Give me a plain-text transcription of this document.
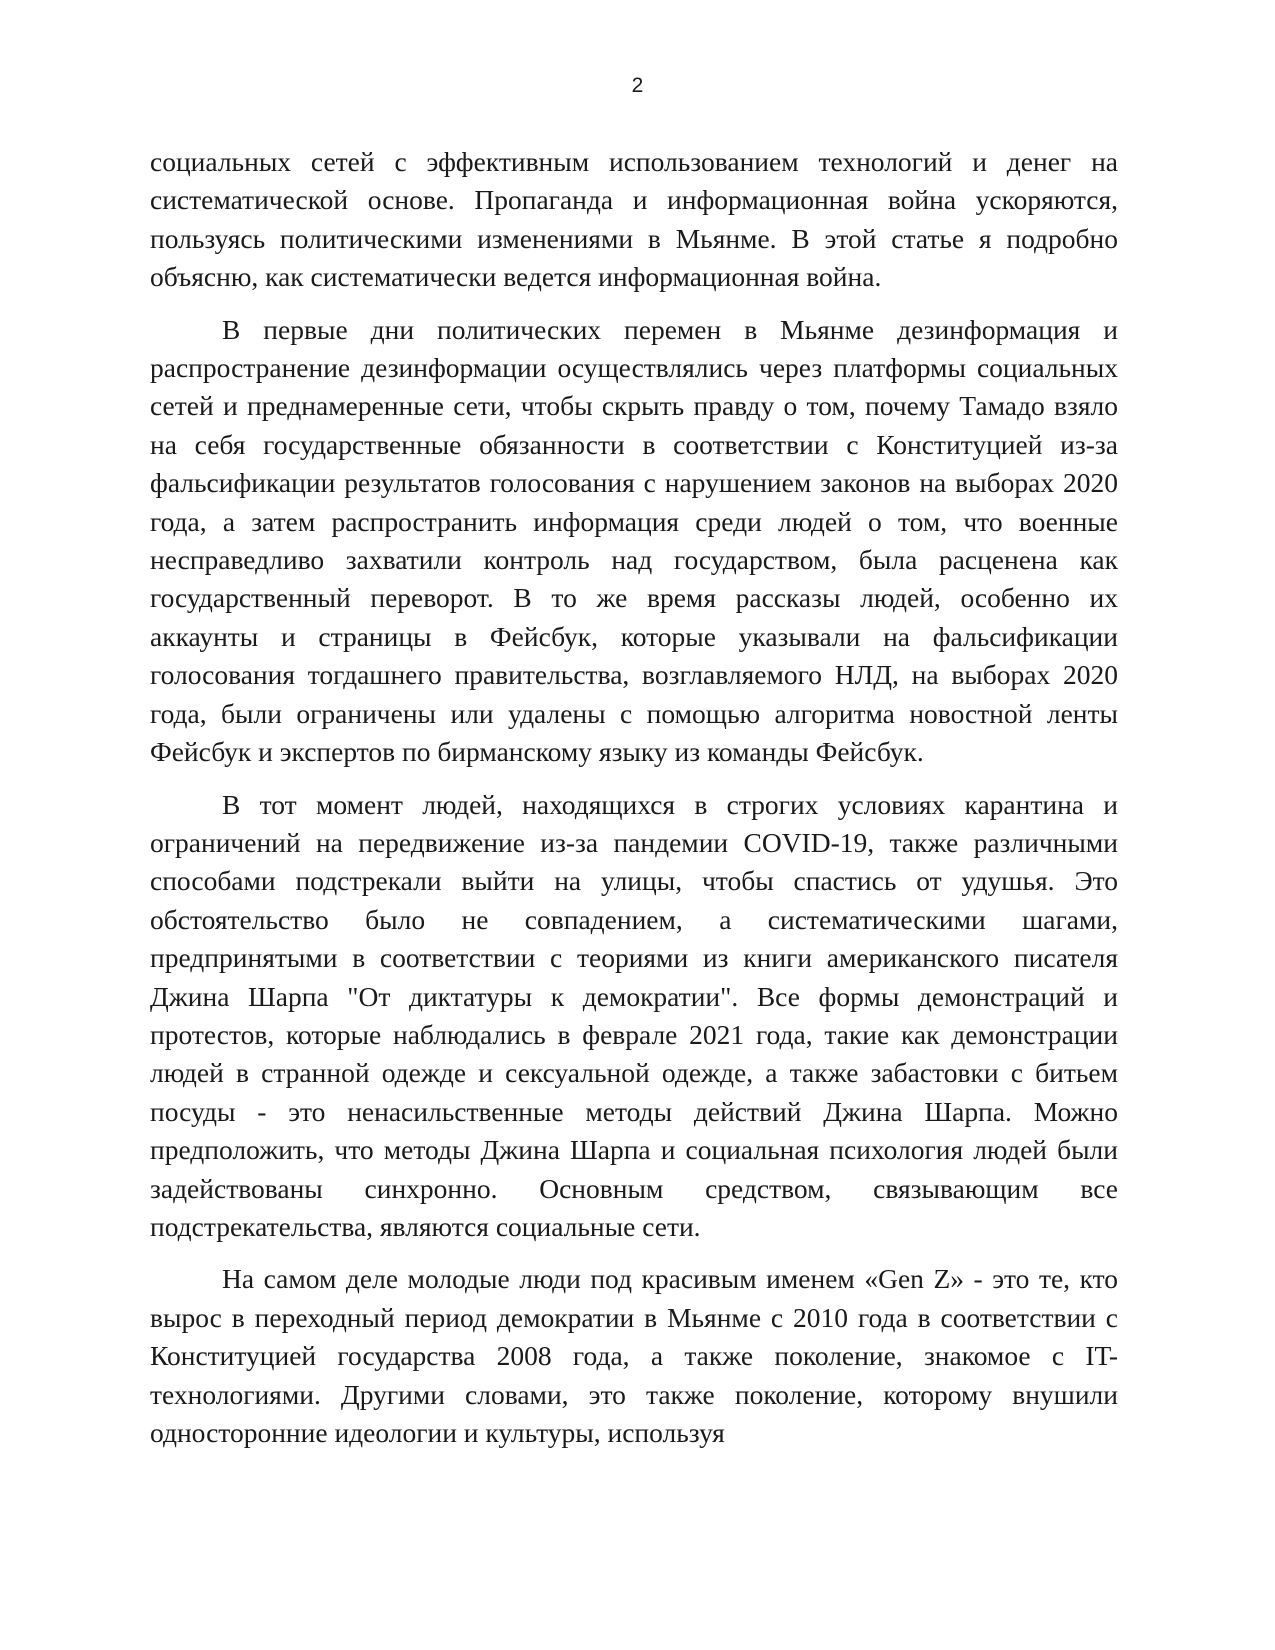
2

социальных сетей с эффективным использованием технологий и денег на систематической основе. Пропаганда и информационная война ускоряются, пользуясь политическими изменениями в Мьянме. В этой статье я подробно объясню, как систематически ведется информационная война.

В первые дни политических перемен в Мьянме дезинформация и распространение дезинформации осуществлялись через платформы социальных сетей и преднамеренные сети, чтобы скрыть правду о том, почему Тамадо взяло на себя государственные обязанности в соответствии с Конституцией из-за фальсификации результатов голосования с нарушением законов на выборах 2020 года, а затем распространить информация среди людей о том, что военные несправедливо захватили контроль над государством, была расценена как государственный переворот. В то же время рассказы людей, особенно их аккаунты и страницы в Фейсбук, которые указывали на фальсификации голосования тогдашнего правительства, возглавляемого НЛД, на выборах 2020 года, были ограничены или удалены с помощью алгоритма новостной ленты Фейсбук и экспертов по бирманскому языку из команды Фейсбук.

В тот момент людей, находящихся в строгих условиях карантина и ограничений на передвижение из-за пандемии COVID-19, также различными способами подстрекали выйти на улицы, чтобы спастись от удушья. Это обстоятельство было не совпадением, а систематическими шагами, предпринятыми в соответствии с теориями из книги американского писателя Джина Шарпа "От диктатуры к демократии". Все формы демонстраций и протестов, которые наблюдались в феврале 2021 года, такие как демонстрации людей в странной одежде и сексуальной одежде, а также забастовки с битьем посуды - это ненасильственные методы действий Джина Шарпа. Можно предположить, что методы Джина Шарпа и социальная психология людей были задействованы синхронно. Основным средством, связывающим все подстрекательства, являются социальные сети.

На самом деле молодые люди под красивым именем «Gen Z» - это те, кто вырос в переходный период демократии в Мьянме с 2010 года в соответствии с Конституцией государства 2008 года, а также поколение, знакомое с IT-технологиями. Другими словами, это также поколение, которому внушили односторонние идеологии и культуры, используя
